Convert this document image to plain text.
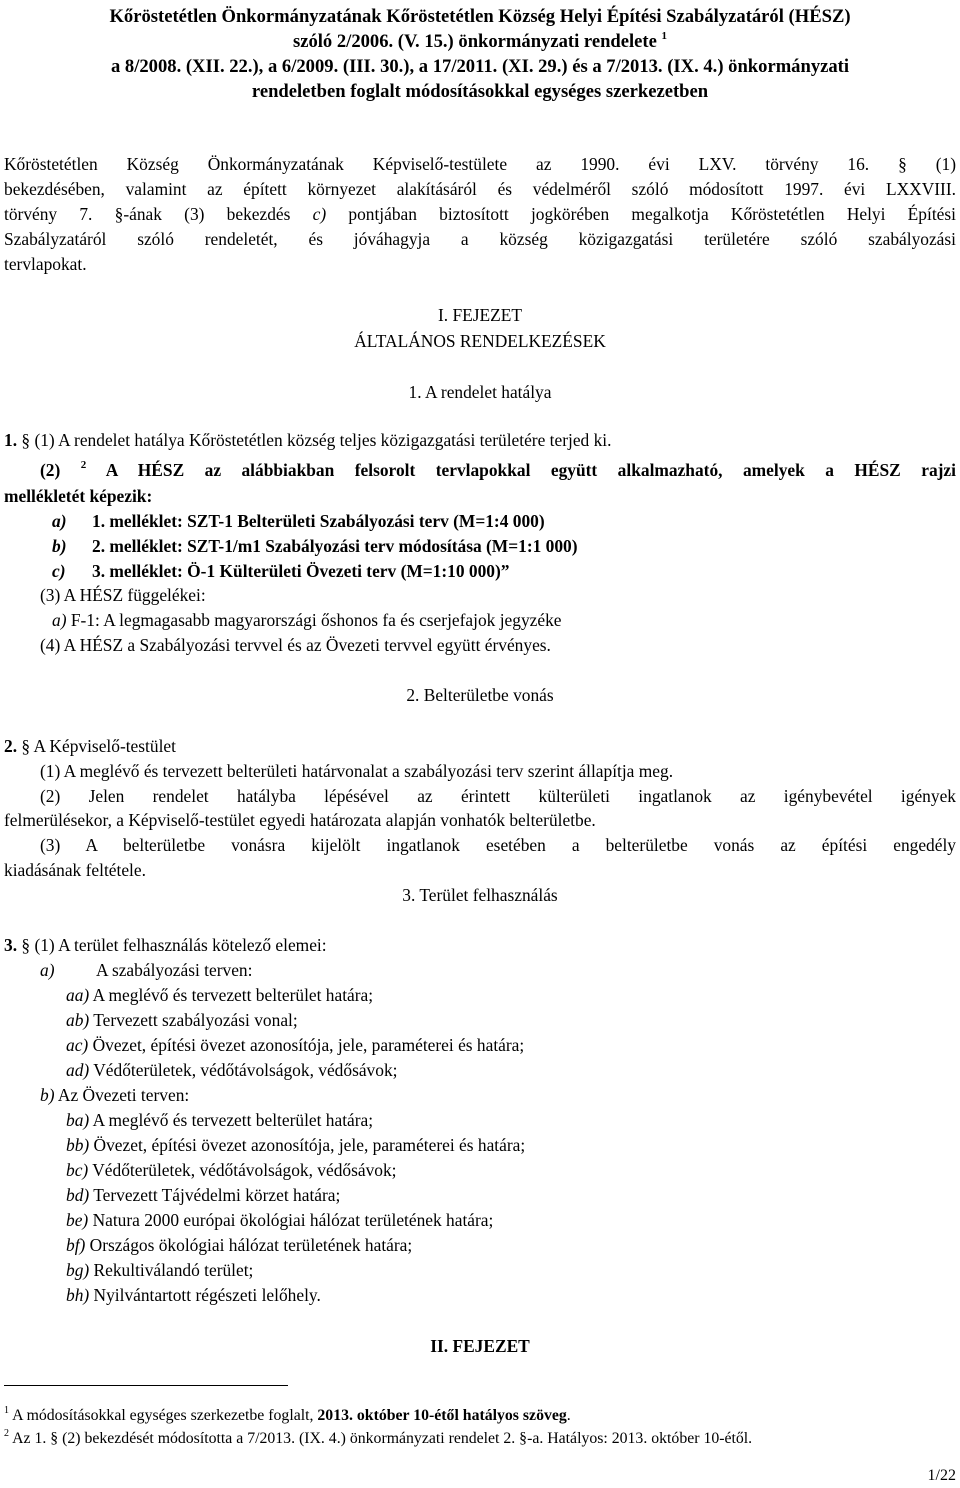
Kőröstetétlen Önkormányzatának Kőröstetétlen Község Helyi Építési Szabályzatáról (HÉSZ)
szóló 2/2006. (V. 15.) önkormányzati rendelete $^1$
a 8/2008. (XII. 22.), a 6/2009. (III. 30.), a 17/2011. (XI. 29.) és a 7/2013. (IX. 4.) önkormányzati
rendeletben foglalt módosításokkal egységes szerkezetben
Kőröstetétlen Község Önkormányzatának Képviselő-testülete az 1990. évi LXV. törvény 16. § (1)
bekezdésében, valamint az épített környezet alakításáról és védelméről szóló módosított 1997. évi LXXVIII.
törvény 7. §-ának (3) bekezdés c) pontjában biztosított jogkörében megalkotja Kőröstetétlen Helyi Építési
Szabályzatáról szóló rendeletét, és jóváhagyja a község közigazgatási területére szóló szabályozási
tervlapokat.
I. FEJEZET
ÁLTALÁNOS RENDELKEZÉSEK
1. A rendelet hatálya
1. § (1) A rendelet hatálya Kőröstetétlen község teljes közigazgatási területére terjed ki.
(2) $^2$ A HÉSZ az alábbiakban felsorolt tervlapokkal együtt alkalmazható, amelyek a HÉSZ rajzi
mellékletét képezik:
a) 1. melléklet: SZT-1 Belterületi Szabályozási terv (M=1:4 000)
b) 2. melléklet: SZT-1/m1 Szabályozási terv módosítása (M=1:1 000)
c) 3. melléklet: Ö-1 Külterületi Övezeti terv (M=1:10 000)”
(3) A HÉSZ függelékei:
a) F-1: A legmagasabb magyarországi őshonos fa és cserjefajok jegyzéke
(4) A HÉSZ a Szabályozási tervvel és az Övezeti tervvel együtt érvényes.
2. Belterületbe vonás
2. § A Képviselő-testület
(1) A meglévő és tervezett belterületi határvonalat a szabályozási terv szerint állapítja meg.
(2) Jelen rendelet hatályba lépésével az érintett külterületi ingatlanok az igénybevétel igények
felmerülésekor, a Képviselő-testület egyedi határozata alapján vonhatók belterületbe.
(3) A belterületbe vonásra kijelölt ingatlanok esetében a belterületbe vonás az építési engedély
kiadásának feltétele.
3. Terület felhasználás
3. § (1) A terület felhasználás kötelező elemei:
a) A szabályozási terven:
aa) A meglévő és tervezett belterület határa;
ab) Tervezett szabályozási vonal;
ac) Övezet, építési övezet azonosítója, jele, paraméterei és határa;
ad) Védőterületek, védőtávolságok, védősávok;
b) Az Övezeti terven:
ba) A meglévő és tervezett belterület határa;
bb) Övezet, építési övezet azonosítója, jele, paraméterei és határa;
bc) Védőterületek, védőtávolságok, védősávok;
bd) Tervezett Tájvédelmi körzet határa;
be) Natura 2000 európai ökológiai hálózat területének határa;
bf) Országos ökológiai hálózat területének határa;
bg) Rekultiválandó terület;
bh) Nyilvántartott régészeti lelőhely.
II. FEJEZET
$^1$ A módosításokkal egységes szerkezetbe foglalt, 2013. október 10-étől hatályos szöveg.
$^2$ Az 1. § (2) bekezdését módosította a 7/2013. (IX. 4.) önkormányzati rendelet 2. §-a. Hatályos: 2013. október 10-étől.
1/22
